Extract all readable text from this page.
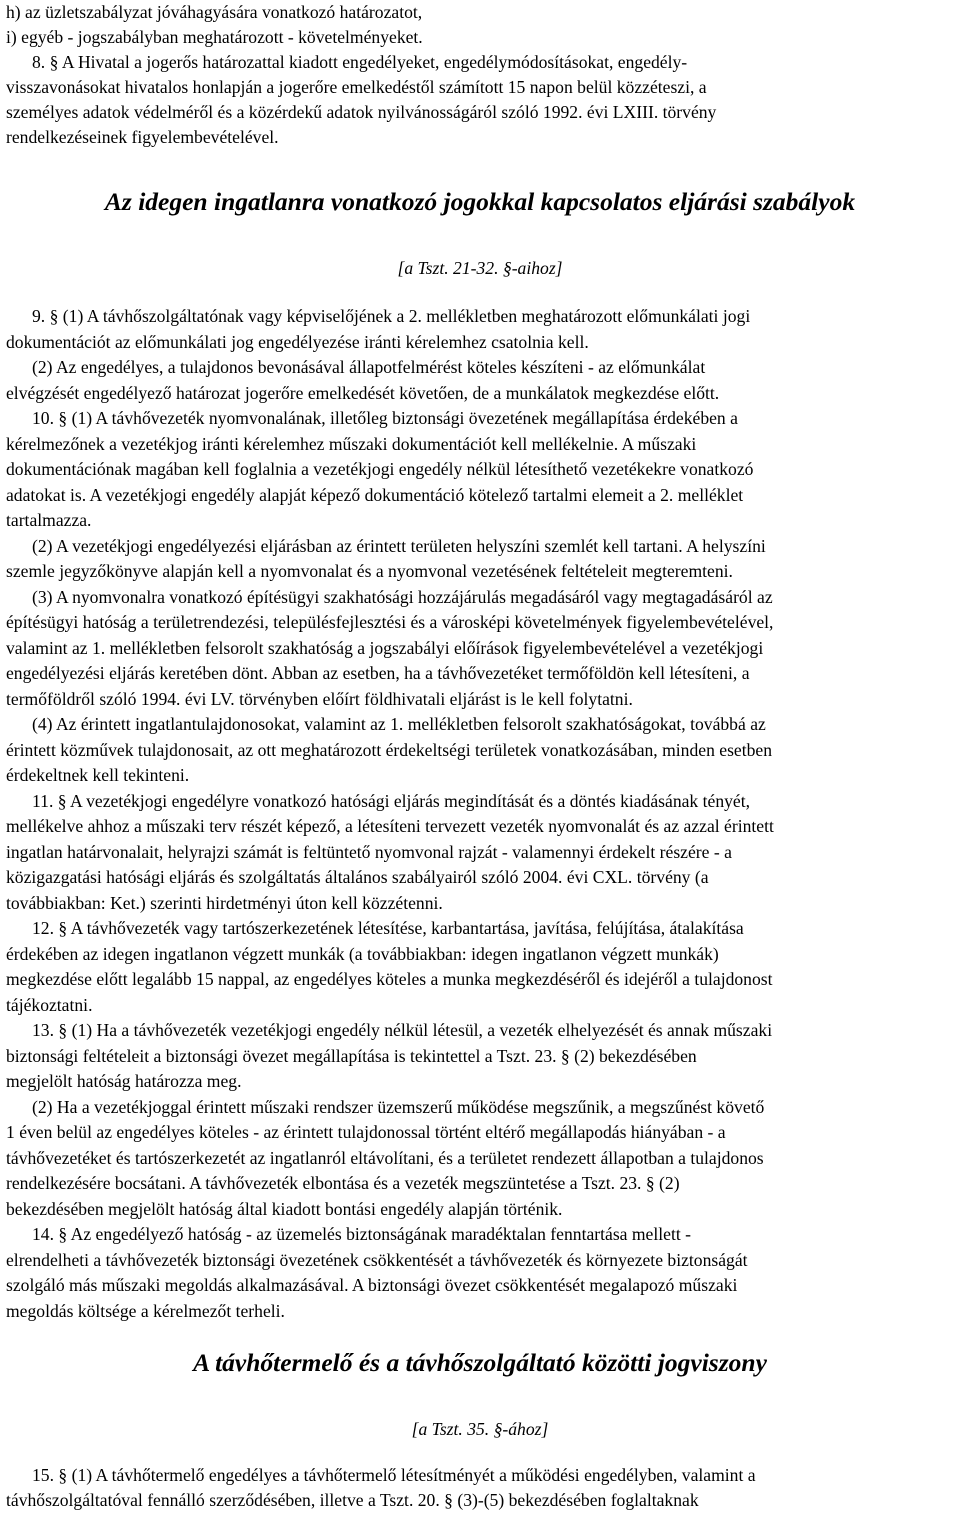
h) az üzletszabályzat jóváhagyására vonatkozó határozatot,

i) egyéb - jogszabályban meghatározott - követelményeket.

8. § A Hivatal a jogerős határozattal kiadott engedélyeket, engedélymódosításokat, engedély-

visszavonásokat hivatalos honlapján a jogerőre emelkedéstől számított 15 napon belül közzéteszi, a

személyes adatok védelméről és a közérdekű adatok nyilvánosságáról szóló 1992. évi LXIII. törvény

rendelkezéseinek figyelembevételével.

Az idegen ingatlanra vonatkozó jogokkal kapcsolatos eljárási szabályok

[a Tszt. 21-32. §-aihoz]

9. § (1) A távhőszolgáltatónak vagy képviselőjének a 2. mellékletben meghatározott előmunkálati jogi

dokumentációt az előmunkálati jog engedélyezése iránti kérelemhez csatolnia kell.

(2) Az engedélyes, a tulajdonos bevonásával állapotfelmérést köteles készíteni - az előmunkálat

elvégzését engedélyező határozat jogerőre emelkedését követően, de a munkálatok megkezdése előtt.

10. § (1) A távhővezeték nyomvonalának, illetőleg biztonsági övezetének megállapítása érdekében a

kérelmezőnek a vezetékjog iránti kérelemhez műszaki dokumentációt kell mellékelnie. A műszaki

dokumentációnak magában kell foglalnia a vezetékjogi engedély nélkül létesíthető vezetékekre vonatkozó

adatokat is. A vezetékjogi engedély alapját képező dokumentáció kötelező tartalmi elemeit a 2. melléklet

tartalmazza.

(2) A vezetékjogi engedélyezési eljárásban az érintett területen helyszíni szemlét kell tartani. A helyszíni

szemle jegyzőkönyve alapján kell a nyomvonalat és a nyomvonal vezetésének feltételeit megteremteni.

(3) A nyomvonalra vonatkozó építésügyi szakhatósági hozzájárulás megadásáról vagy megtagadásáról az

építésügyi hatóság a területrendezési, településfejlesztési és a városképi követelmények figyelembevételével,

valamint az 1. mellékletben felsorolt szakhatóság a jogszabályi előírások figyelembevételével a vezetékjogi

engedélyezési eljárás keretében dönt. Abban az esetben, ha a távhővezetéket termőföldön kell létesíteni, a

termőföldről szóló 1994. évi LV. törvényben előírt földhivatali eljárást is le kell folytatni.

(4) Az érintett ingatlantulajdonosokat, valamint az 1. mellékletben felsorolt szakhatóságokat, továbbá az

érintett közművek tulajdonosait, az ott meghatározott érdekeltségi területek vonatkozásában, minden esetben

érdekeltnek kell tekinteni.

11. § A vezetékjogi engedélyre vonatkozó hatósági eljárás megindítását és a döntés kiadásának tényét,

mellékelve ahhoz a műszaki terv részét képező, a létesíteni tervezett vezeték nyomvonalát és az azzal érintett

ingatlan határvonalait, helyrajzi számát is feltüntető nyomvonal rajzát - valamennyi érdekelt részére - a

közigazgatási hatósági eljárás és szolgáltatás általános szabályairól szóló 2004. évi CXL. törvény (a

továbbiakban: Ket.) szerinti hirdetményi úton kell közzétenni.

12. § A távhővezeték vagy tartószerkezetének létesítése, karbantartása, javítása, felújítása, átalakítása

érdekében az idegen ingatlanon végzett munkák (a továbbiakban: idegen ingatlanon végzett munkák)

megkezdése előtt legalább 15 nappal, az engedélyes köteles a munka megkezdéséről és idejéről a tulajdonost

tájékoztatni.

13. § (1) Ha a távhővezeték vezetékjogi engedély nélkül létesül, a vezeték elhelyezését és annak műszaki

biztonsági feltételeit a biztonsági övezet megállapítása is tekintettel a Tszt. 23. § (2) bekezdésében

megjelölt hatóság határozza meg.

(2) Ha a vezetékjoggal érintett műszaki rendszer üzemszerű működése megszűnik, a megszűnést követő

1 éven belül az engedélyes köteles - az érintett tulajdonossal történt eltérő megállapodás hiányában - a

távhővezetéket és tartószerkezetét az ingatlanról eltávolítani, és a területet rendezett állapotban a tulajdonos

rendelkezésére bocsátani. A távhővezeték elbontása és a vezeték megszüntetése a Tszt. 23. § (2)

bekezdésében megjelölt hatóság által kiadott bontási engedély alapján történik.

14. § Az engedélyező hatóság - az üzemelés biztonságának maradéktalan fenntartása mellett -

elrendelheti a távhővezeték biztonsági övezetének csökkentését a távhővezeték és környezete biztonságát

szolgáló más műszaki megoldás alkalmazásával. A biztonsági övezet csökkentését megalapozó műszaki

megoldás költsége a kérelmezőt terheli.

A távhőtermelő és a távhőszolgáltató közötti jogviszony

[a Tszt. 35. §-ához]

15. § (1) A távhőtermelő engedélyes a távhőtermelő létesítményét a működési engedélyben, valamint a

távhőszolgáltatóval fennálló szerződésében, illetve a Tszt. 20. § (3)-(5) bekezdésében foglaltaknak
